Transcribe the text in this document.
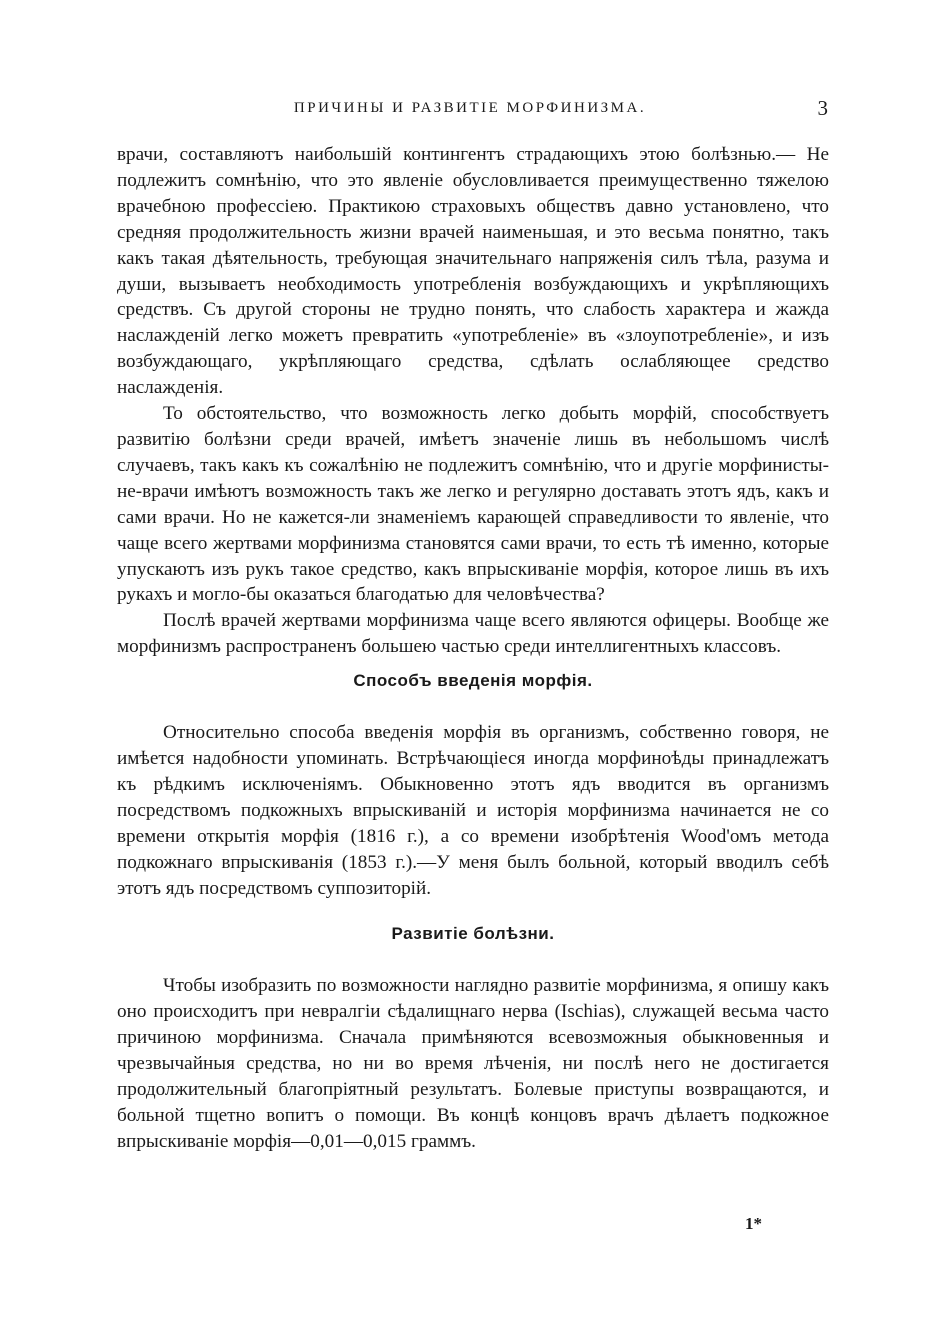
ПРИЧИНЫ И РАЗВИТІЕ МОРФИНИЗМА.	3

врачи, составляютъ наибольшій контингентъ страдающихъ этою болѣзнью.— Не подлежитъ сомнѣнію, что это явленіе обусловливается преимущественно тяжелою врачебною профессіею. Практикою страховыхъ обществъ давно установлено, что средняя продолжительность жизни врачей наименьшая, и это весьма понятно, такъ какъ такая дѣятельность, требующая значительнаго напряженія силъ тѣла, разума и души, вызываетъ необходимость употребленія возбуждающихъ и укрѣпляющихъ средствъ. Съ другой стороны не трудно понять, что слабость характера и жажда наслажденій легко можетъ превратить «употребленіе» въ «злоупотребленіе», и изъ возбуждающаго, укрѣпляющаго средства, сдѣлать ослабляющее средство наслажденія.

То обстоятельство, что возможность легко добыть морфій, способствуетъ развитію болѣзни среди врачей, имѣетъ значеніе лишь въ небольшомъ числѣ случаевъ, такъ какъ къ сожалѣнію не подлежитъ сомнѣнію, что и другіе морфинисты-не-врачи имѣютъ возможность такъ же легко и регулярно доставать этотъ ядъ, какъ и сами врачи. Но не кажется-ли знаменіемъ карающей справедливости то явленіе, что чаще всего жертвами морфинизма становятся сами врачи, то есть тѣ именно, которые упускаютъ изъ рукъ такое средство, какъ впрыскиваніе морфія, которое лишь въ ихъ рукахъ и могло-бы оказаться благодатью для человѣчества?

Послѣ врачей жертвами морфинизма чаще всего являются офицеры. Вообще же морфинизмъ распространенъ большею частью среди интеллигентныхъ классовъ.

Способъ введенія морфія.

Относительно способа введенія морфія въ организмъ, собственно говоря, не имѣется надобности упоминать. Встрѣчающіеся иногда морфиноѣды принадлежатъ къ рѣдкимъ исключеніямъ. Обыкновенно этотъ ядъ вводится въ организмъ посредствомъ подкожныхъ впрыскиваній и исторія морфинизма начинается не со времени открытія морфія (1816 г.), а со времени изобрѣтенія Wood'омъ метода подкожнаго впрыскиванія (1853 г.).—У меня былъ больной, который вводилъ себѣ этотъ ядъ посредствомъ суппозиторій.

Развитіе болѣзни.

Чтобы изобразить по возможности наглядно развитіе морфинизма, я опишу какъ оно происходитъ при невралгіи сѣдалищнаго нерва (Ischias), служащей весьма часто причиною морфинизма. Сначала примѣняются всевозможныя обыкновенныя и чрезвычайныя средства, но ни во время лѣченія, ни послѣ него не достигается продолжительный благопріятный результатъ. Болевые приступы возвращаются, и больной тщетно вопитъ о помощи. Въ концѣ концовъ врачъ дѣлаетъ подкожное впрыскиваніе морфія—0,01—0,015 граммъ.

1*
